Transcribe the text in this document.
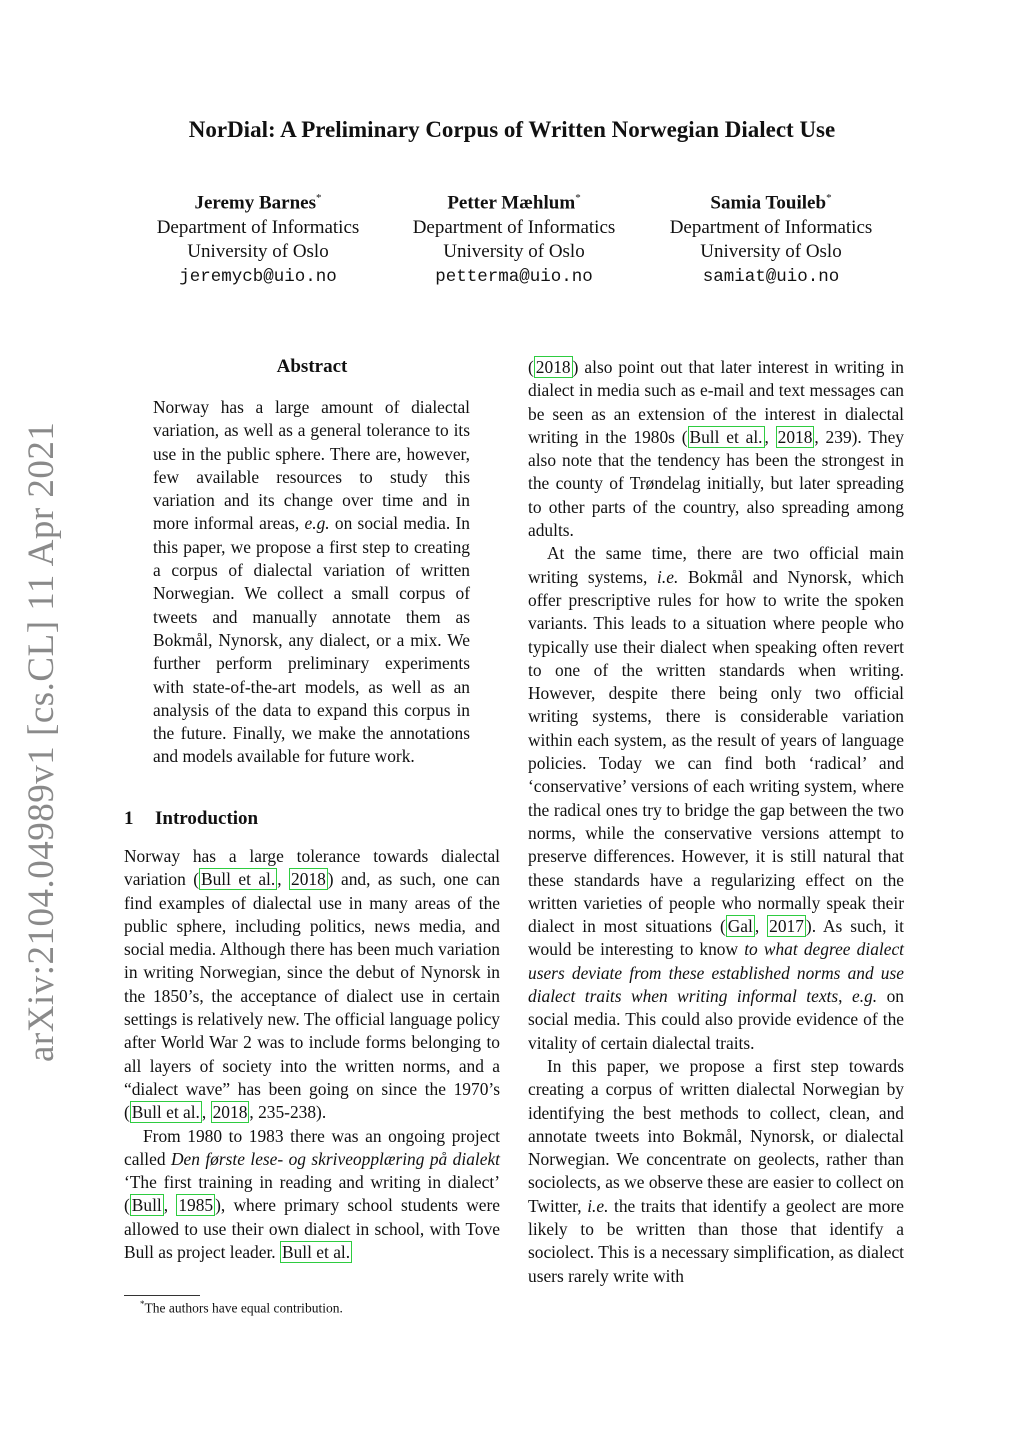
NorDial: A Preliminary Corpus of Written Norwegian Dialect Use
Jeremy Barnes*
Department of Informatics
University of Oslo
jeremycb@uio.no
Petter Mæhlum*
Department of Informatics
University of Oslo
petterma@uio.no
Samia Touileb*
Department of Informatics
University of Oslo
samiat@uio.no
arXiv:2104.04989v1 [cs.CL] 11 Apr 2021
Abstract
Norway has a large amount of dialectal variation, as well as a general tolerance to its use in the public sphere. There are, however, few available resources to study this variation and its change over time and in more informal areas, e.g. on social media. In this paper, we propose a first step to creating a corpus of dialectal variation of written Norwegian. We collect a small corpus of tweets and manually annotate them as Bokmål, Nynorsk, any dialect, or a mix. We further perform preliminary experiments with state-of-the-art models, as well as an analysis of the data to expand this corpus in the future. Finally, we make the annotations and models available for future work.
1 Introduction

Norway has a large tolerance towards dialectal variation ( Bull et al. , 2018 ) and, as such, one can find examples of dialectal use in many areas of the public sphere, including politics, news media, and social media. Although there has been much variation in writing Norwegian, since the debut of Nynorsk in the 1850’s, the acceptance of dialect use in certain settings is relatively new. The official language policy after World War 2 was to include forms belonging to all layers of society into the written norms, and a “dialect wave” has been going on since the 1970’s ( Bull et al. , 2018 , 235-238).

From 1980 to 1983 there was an ongoing project called Den første lese- og skriveopplæring på dialekt ‘The first training in reading and writing in dialect’ ( Bull , 1985 ), where primary school students were allowed to use their own dialect in school, with Tove Bull as project leader. Bull et al.

*The authors have equal contribution.

( 2018 ) also point out that later interest in writing in dialect in media such as e-mail and text messages can be seen as an extension of the interest in dialectal writing in the 1980s ( Bull et al. , 2018 , 239). They also note that the tendency has been the strongest in the county of Trøndelag initially, but later spreading to other parts of the country, also spreading among adults.

At the same time, there are two official main writing systems, i.e. Bokmål and Nynorsk, which offer prescriptive rules for how to write the spoken variants. This leads to a situation where people who typically use their dialect when speaking often revert to one of the written standards when writing. However, despite there being only two official writing systems, there is considerable variation within each system, as the result of years of language policies. Today we can find both ‘radical’ and ‘conservative’ versions of each writing system, where the radical ones try to bridge the gap between the two norms, while the conservative versions attempt to preserve differences. However, it is still natural that these standards have a regularizing effect on the written varieties of people who normally speak their dialect in most situations ( Gal , 2017 ). As such, it would be interesting to know to what degree dialect users deviate from these established norms and use dialect traits when writing informal texts, e.g. on social media. This could also provide evidence of the vitality of certain dialectal traits.

In this paper, we propose a first step towards creating a corpus of written dialectal Norwegian by identifying the best methods to collect, clean, and annotate tweets into Bokmål, Nynorsk, or dialectal Norwegian. We concentrate on geolects, rather than sociolects, as we observe these are easier to collect on Twitter, i.e. the traits that identify a geolect are more likely to be written than those that identify a sociolect. This is a necessary simplification, as dialect users rarely write with
